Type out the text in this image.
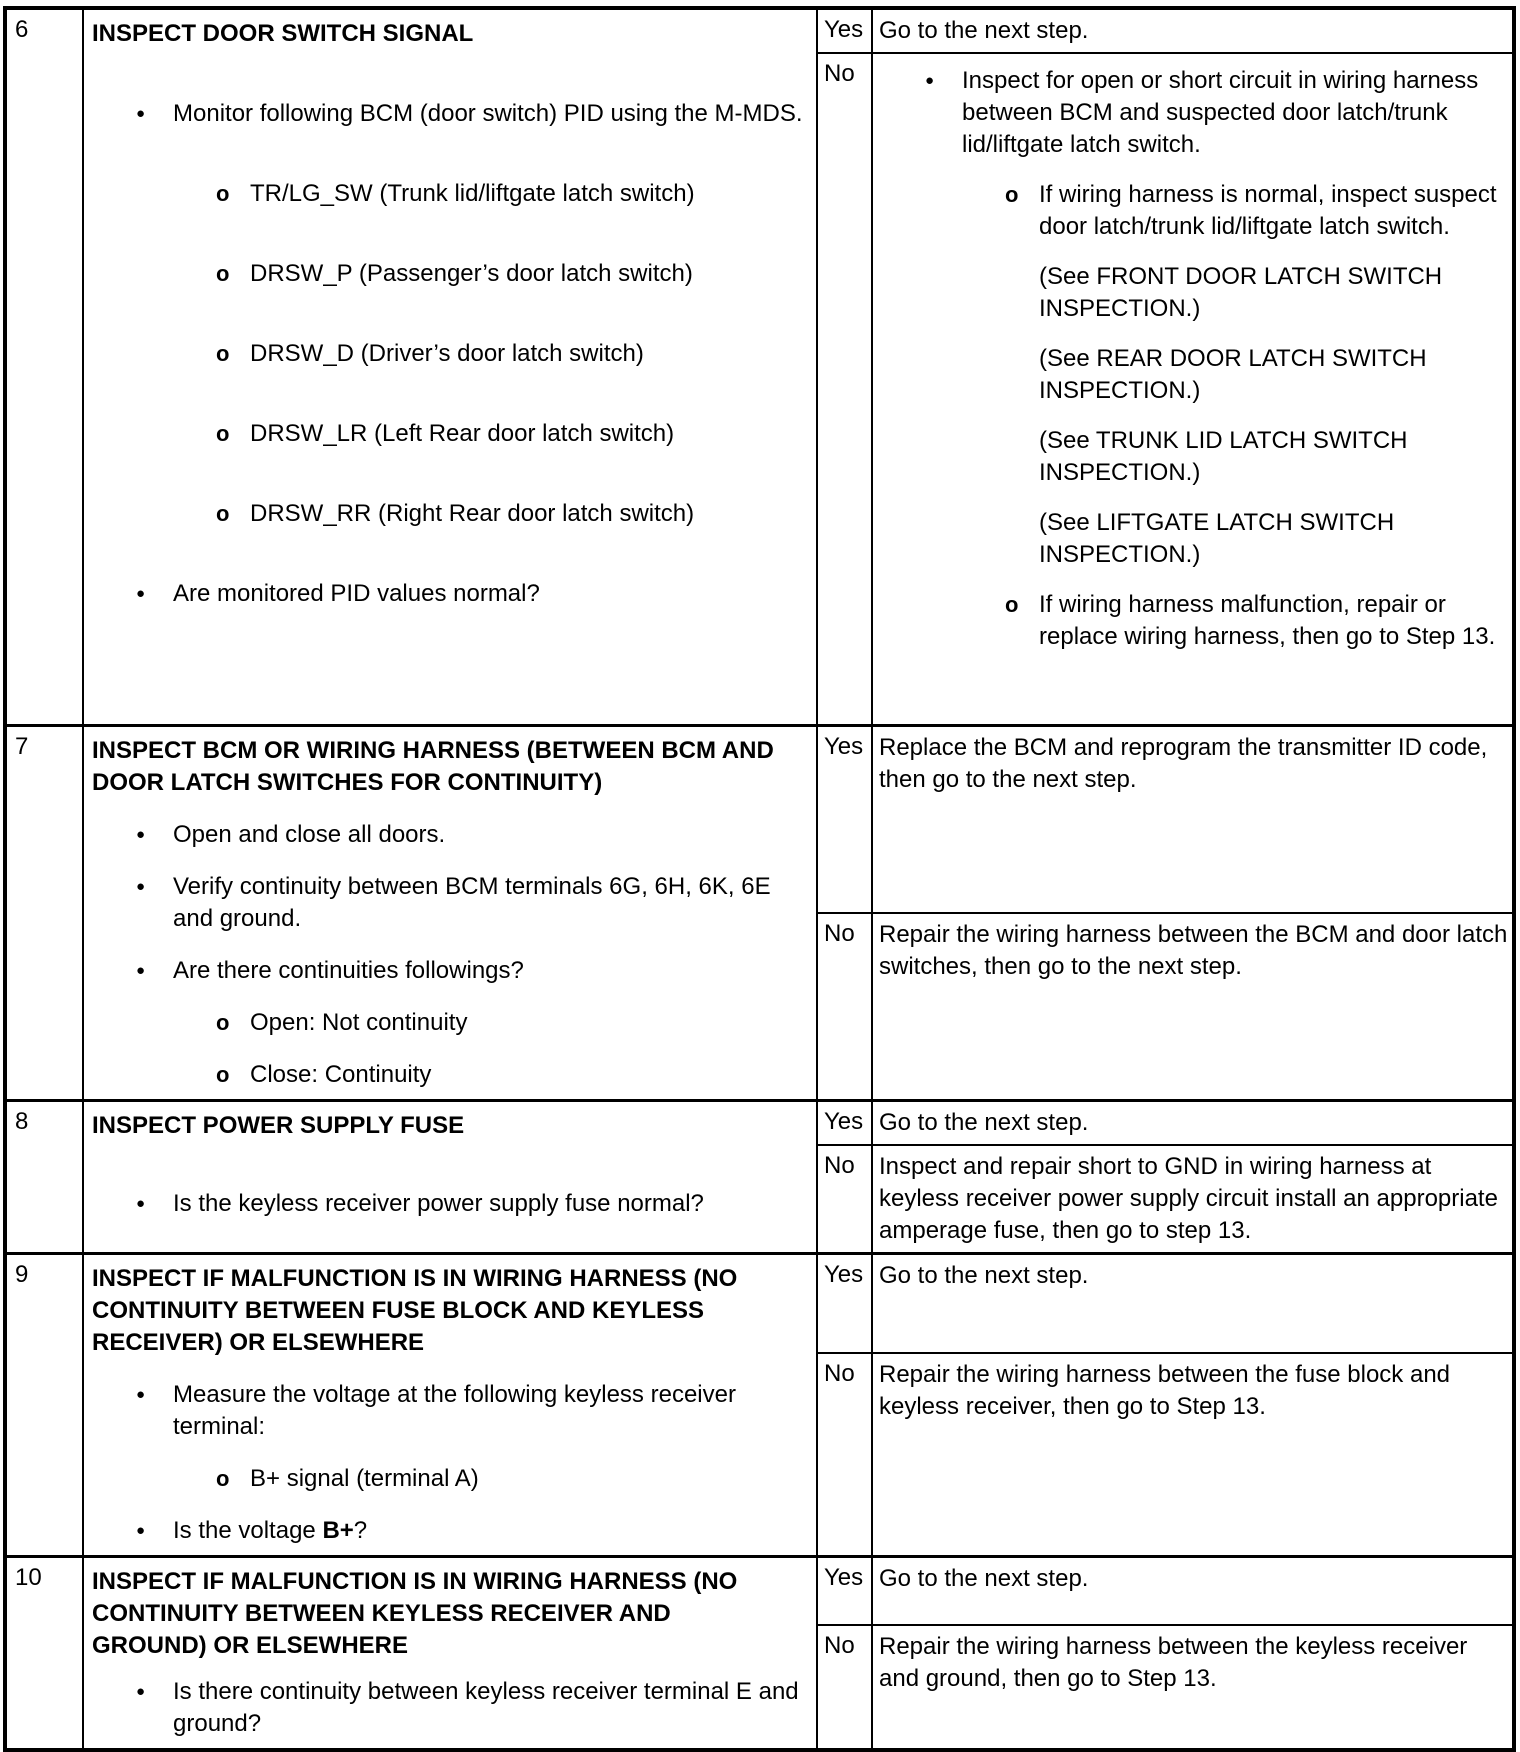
6	INSPECT DOOR SWITCH SIGNAL
●	Monitor following BCM (door switch) PID using the M-MDS.
o TR/LG_SW (Trunk lid/liftgate latch switch)
o DRSW_P (Passenger’s door latch switch)
o DRSW_D (Driver’s door latch switch)
o DRSW_LR (Left Rear door latch switch)
o DRSW_RR (Right Rear door latch switch)
●	Are monitored PID values normal?
	Yes	Go to the next step.

No	●	Inspect for open or short circuit in wiring harness between BCM and suspected door latch/trunk lid/liftgate latch switch.
o If wiring harness is normal, inspect suspect door latch/trunk lid/liftgate latch switch.
(See FRONT DOOR LATCH SWITCH INSPECTION.)
(See REAR DOOR LATCH SWITCH INSPECTION.)
(See TRUNK LID LATCH SWITCH INSPECTION.)
(See LIFTGATE LATCH SWITCH INSPECTION.)
o If wiring harness malfunction, repair or replace wiring harness, then go to Step 13.

7	INSPECT BCM OR WIRING HARNESS (BETWEEN BCM AND
DOOR LATCH SWITCHES FOR CONTINUITY)
●	Open and close all doors.
●	Verify continuity between BCM terminals 6G, 6H, 6K, 6E and ground.
●	Are there continuities followings?
o Open: Not continuity
o Close: Continuity
	Yes	Replace the BCM and reprogram the transmitter ID code, then go to the next step.

		No	Repair the wiring harness between the BCM and door latch switches, then go to the next step.

8	INSPECT POWER SUPPLY FUSE
● Is the keyless receiver power supply fuse normal?	Yes	Go to the next step.

		No	Inspect and repair short to GND in wiring harness at keyless receiver power supply circuit install an appropriate amperage fuse, then go to step 13.

9	INSPECT IF MALFUNCTION IS IN WIRING HARNESS (NO
CONTINUITY BETWEEN FUSE BLOCK AND KEYLESS
RECEIVER) OR ELSEWHERE
●	Measure the voltage at the following keyless receiver terminal:
o B+ signal (terminal A)
●	Is the voltage B+?
	Yes	Go to the next step.

		No	Repair the wiring harness between the fuse block and keyless receiver, then go to Step 13.

10	INSPECT IF MALFUNCTION IS IN WIRING HARNESS (NO
CONTINUITY BETWEEN KEYLESS RECEIVER AND
GROUND) OR ELSEWHERE
● Is there continuity between keyless receiver terminal E and ground?	Yes	Go to the next step.

		No	Repair the wiring harness between the keyless receiver and ground, then go to Step 13.
